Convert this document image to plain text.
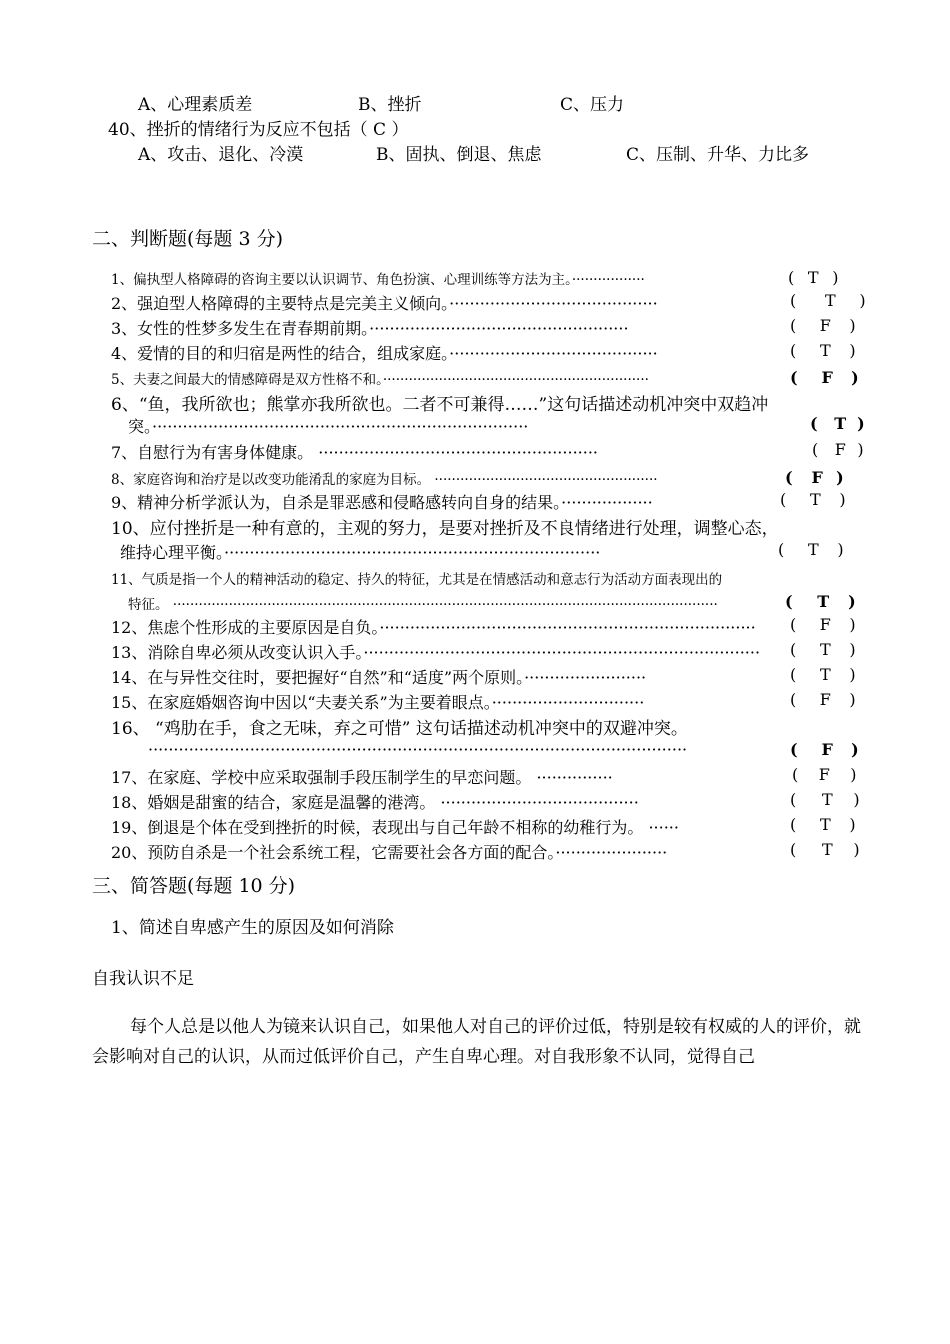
A、心理素质差	B、挫折	C、压力
40、挫折的情绪行为反应不包括（ C ）
A、攻击、退化、冷漠	B、固执、倒退、焦虑	C、压制、升华、力比多
二、判断题(每题 3 分)
1、偏执型人格障碍的咨询主要以认识调节、角色扮演、心理训练等方法为主。·················	( T )
2、强迫型人格障碍的主要特点是完美主义倾向。·········································	( T )
3、女性的性梦多发生在青春期前期。···················································	( F )
4、爱情的目的和归宿是两性的结合，组成家庭。·········································	( T )
5、夫妻之间最大的情感障碍是双方性格不和。······························································	( F )
6、“鱼，我所欲也；熊掌亦我所欲也。二者不可兼得……”这句话描述动机冲突中双趋冲
突。··········································································	( T )
7、自慰行为有害身体健康。 ·······················································	( F )
8、家庭咨询和治疗是以改变功能淆乱的家庭为目标。 ····················································	( F )
9、精神分析学派认为，自杀是罪恶感和侵略感转向自身的结果。··················	( T )
10、应付挫折是一种有意的，主观的努力，是要对挫折及不良情绪进行处理，调整心态，
维持心理平衡。··········································································	( T )
11、气质是指一个人的精神活动的稳定、持久的特征，尤其是在情感活动和意志行为活动方面表现出的
特征。 ·······························································································································	( T )
12、焦虑个性形成的主要原因是自负。··········································································	( F )
13、消除自卑必须从改变认识入手。··············································································	( T )
14、在与异性交往时，要把握好“自然”和“适度”两个原则。························	( T )
15、在家庭婚姻咨询中因以“夫妻关系”为主要着眼点。······························	( F )
16、 “鸡肋在手，食之无味，弃之可惜” 这句话描述动机冲突中的双避冲突。
··········································································································	( F )
17、在家庭、学校中应采取强制手段压制学生的早恋问题。 ···············	( F )
18、婚姻是甜蜜的结合，家庭是温馨的港湾。 ·······································	( T )
19、倒退是个体在受到挫折的时候，表现出与自己年龄不相称的幼稚行为。 ······	( T )
20、预防自杀是一个社会系统工程，它需要社会各方面的配合。······················	( T )
三、简答题(每题 10 分)
1、简述自卑感产生的原因及如何消除
自我认识不足
每个人总是以他人为镜来认识自己，如果他人对自己的评价过低，特别是较有权威的人的评价，就会影响对自己的认识，从而过低评价自己，产生自卑心理。对自我形象不认同，觉得自己
